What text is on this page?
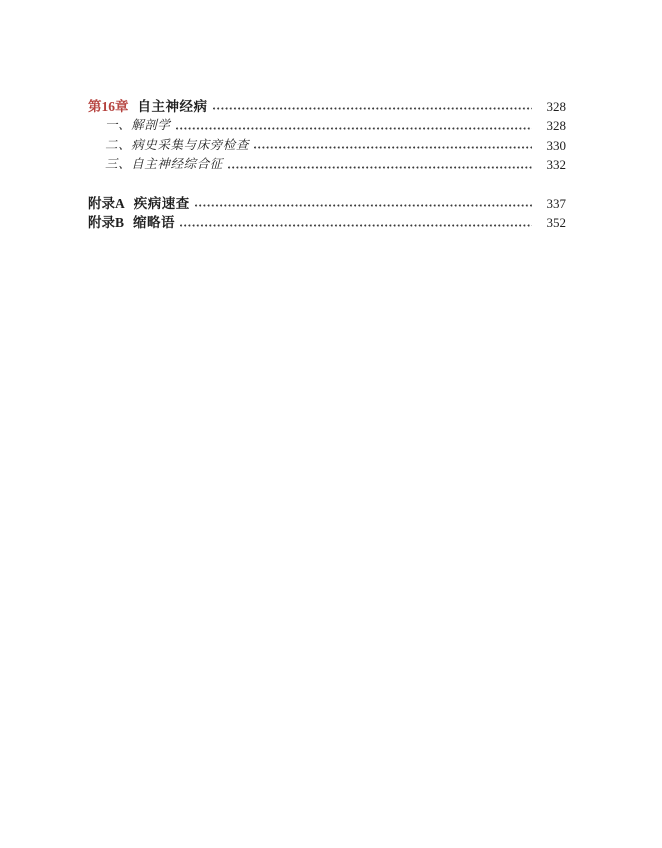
第16章 自主神经病	328
一、解剖学	328
二、病史采集与床旁检查	330
三、自主神经综合征	332
附录A 疾病速查	337
附录B 缩略语	352
